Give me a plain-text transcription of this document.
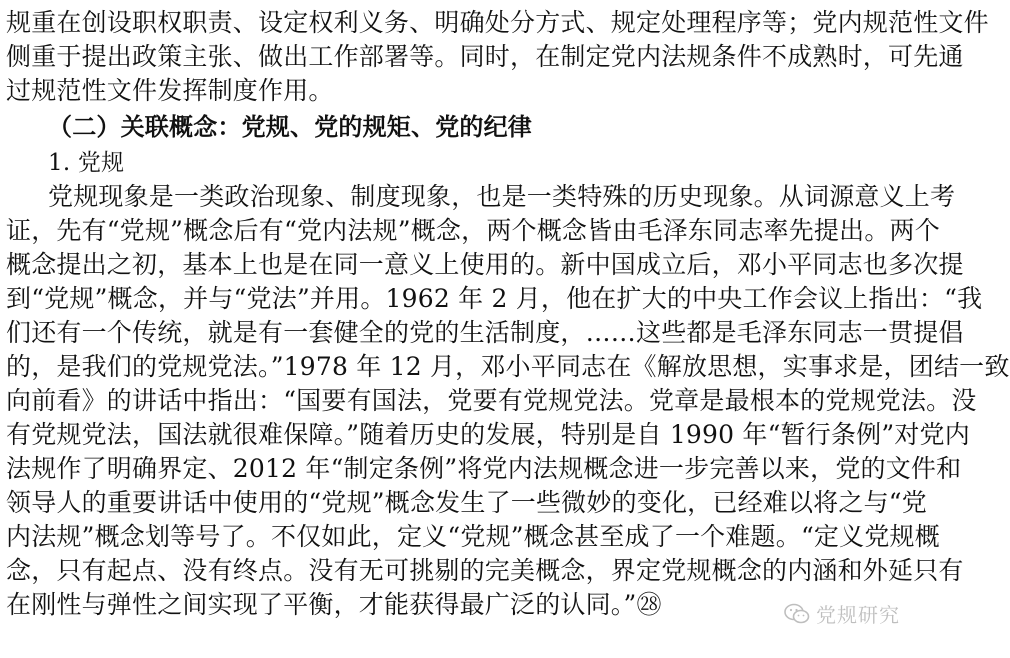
规重在创设职权职责、设定权利义务、明确处分方式、规定处理程序等；党内规范性文件
侧重于提出政策主张、做出工作部署等。同时，在制定党内法规条件不成熟时，可先通
过规范性文件发挥制度作用。
（二）关联概念：党规、党的规矩、党的纪律
1. 党规
党规现象是一类政治现象、制度现象，也是一类特殊的历史现象。从词源意义上考
证，先有“党规”概念后有“党内法规”概念，两个概念皆由毛泽东同志率先提出。两个
概念提出之初，基本上也是在同一意义上使用的。新中国成立后，邓小平同志也多次提
到“党规”概念，并与“党法”并用。1962 年 2 月，他在扩大的中央工作会议上指出：“我
们还有一个传统，就是有一套健全的党的生活制度，……这些都是毛泽东同志一贯提倡
的，是我们的党规党法。”1978 年 12 月，邓小平同志在《解放思想，实事求是，团结一致
向前看》的讲话中指出：“国要有国法，党要有党规党法。党章是最根本的党规党法。没
有党规党法，国法就很难保障。”随着历史的发展，特别是自 1990 年“暂行条例”对党内
法规作了明确界定、2012 年“制定条例”将党内法规概念进一步完善以来，党的文件和
领导人的重要讲话中使用的“党规”概念发生了一些微妙的变化，已经难以将之与“党
内法规”概念划等号了。不仅如此，定义“党规”概念甚至成了一个难题。“定义党规概
念，只有起点、没有终点。没有无可挑剔的完美概念，界定党规概念的内涵和外延只有
在刚性与弹性之间实现了平衡，才能获得最广泛的认同。”㉘	党规研究
